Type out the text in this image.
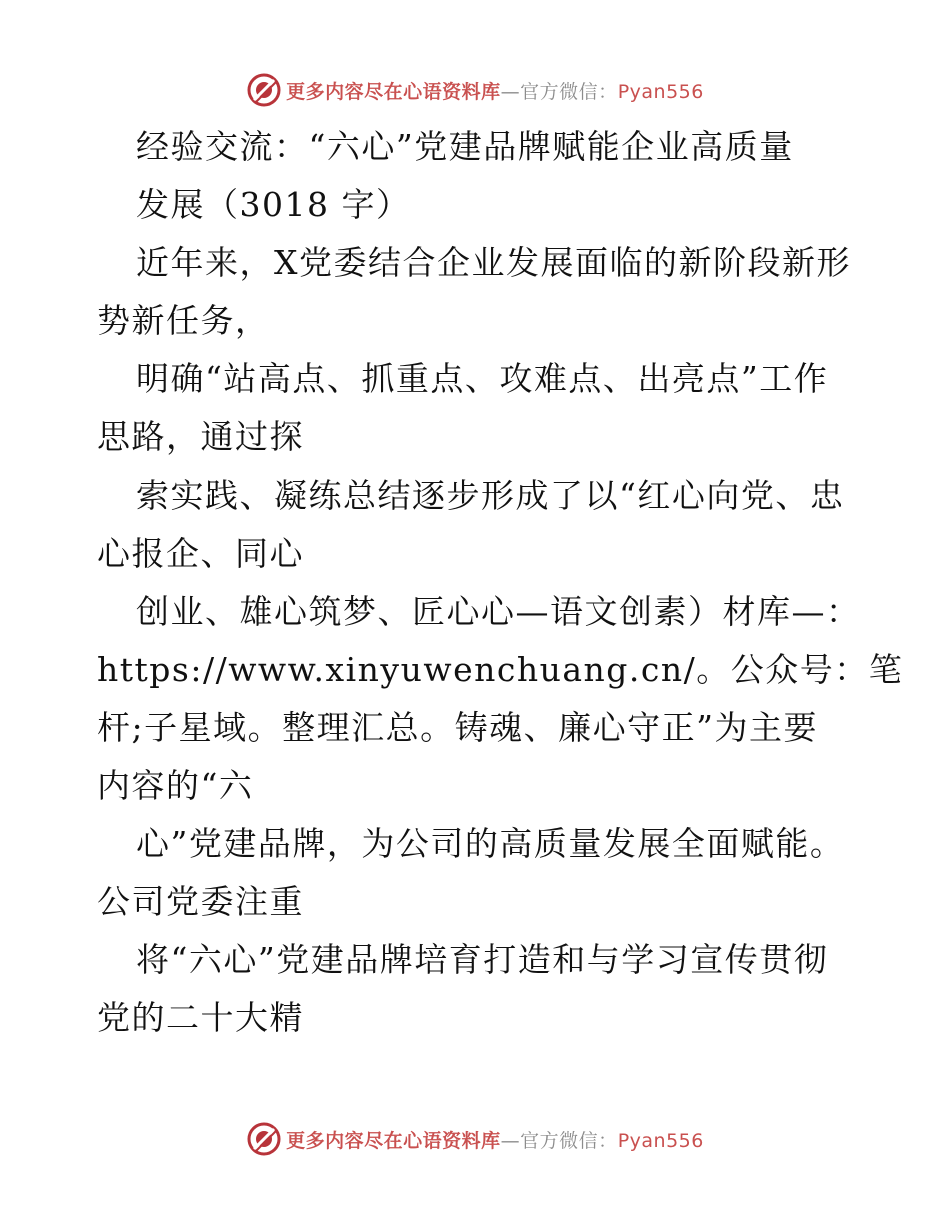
更多内容尽在心语资料库—官方微信：Pyan556
经验交流：“六心”党建品牌赋能企业高质量
发展（3018 字）
近年来，X党委结合企业发展面临的新阶段新形
势新任务，
明确“站高点、抓重点、攻难点、出亮点”工作
思路，通过探
索实践、凝练总结逐步形成了以“红心向党、忠
心报企、同心
创业、雄心筑梦、匠心心—语文创素）材库—：
https://www.xinyuwenchuang.cn/。公众号：笔
杆;子星域。整理汇总。铸魂、廉心守正”为主要
内容的“六
心”党建品牌，为公司的高质量发展全面赋能。
公司党委注重
将“六心”党建品牌培育打造和与学习宣传贯彻
党的二十大精
更多内容尽在心语资料库—官方微信：Pyan556
